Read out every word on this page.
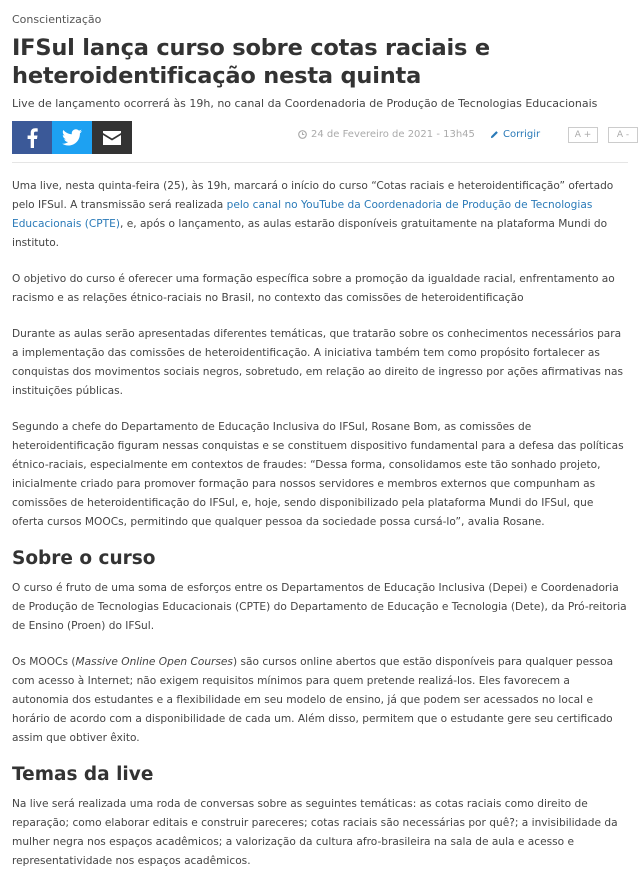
Conscientização
IFSul lança curso sobre cotas raciais e
heteroidentificação nesta quinta
Live de lançamento ocorrerá às 19h, no canal da Coordenadoria de Produção de Tecnologias Educacionais
24 de Fevereiro de 2021 - 13h45	Corrigir	A +	A -

Uma live, nesta quinta-feira (25), às 19h, marcará o início do curso “Cotas raciais e heteroidentificação” ofertado pelo IFSul. A transmissão será realizada pelo canal no YouTube da Coordenadoria de Produção de Tecnologias Educacionais (CPTE), e, após o lançamento, as aulas estarão disponíveis gratuitamente na plataforma Mundi do instituto.

O objetivo do curso é oferecer uma formação específica sobre a promoção da igualdade racial, enfrentamento ao racismo e as relações étnico-raciais no Brasil, no contexto das comissões de heteroidentificação

Durante as aulas serão apresentadas diferentes temáticas, que tratarão sobre os conhecimentos necessários para a implementação das comissões de heteroidentificação. A iniciativa também tem como propósito fortalecer as conquistas dos movimentos sociais negros, sobretudo, em relação ao direito de ingresso por ações afirmativas nas instituições públicas.

Segundo a chefe do Departamento de Educação Inclusiva do IFSul, Rosane Bom, as comissões de heteroidentificação figuram nessas conquistas e se constituem dispositivo fundamental para a defesa das políticas étnico-raciais, especialmente em contextos de fraudes: “Dessa forma, consolidamos este tão sonhado projeto, inicialmente criado para promover formação para nossos servidores e membros externos que compunham as comissões de heteroidentificação do IFSul, e, hoje, sendo disponibilizado pela plataforma Mundi do IFSul, que oferta cursos MOOCs, permitindo que qualquer pessoa da sociedade possa cursá-lo”, avalia Rosane.

Sobre o curso

O curso é fruto de uma soma de esforços entre os Departamentos de Educação Inclusiva (Depei) e Coordenadoria de Produção de Tecnologias Educacionais (CPTE) do Departamento de Educação e Tecnologia (Dete), da Pró-reitoria de Ensino (Proen) do IFSul.

Os MOOCs (Massive Online Open Courses) são cursos online abertos que estão disponíveis para qualquer pessoa com acesso à Internet; não exigem requisitos mínimos para quem pretende realizá-los. Eles favorecem a autonomia dos estudantes e a flexibilidade em seu modelo de ensino, já que podem ser acessados no local e horário de acordo com a disponibilidade de cada um. Além disso, permitem que o estudante gere seu certificado assim que obtiver êxito.

Temas da live

Na live será realizada uma roda de conversas sobre as seguintes temáticas: as cotas raciais como direito de reparação; como elaborar editais e construir pareceres; cotas raciais são necessárias por quê?; a invisibilidade da mulher negra nos espaços acadêmicos; a valorização da cultura afro-brasileira na sala de aula e acesso e representatividade nos espaços acadêmicos.
